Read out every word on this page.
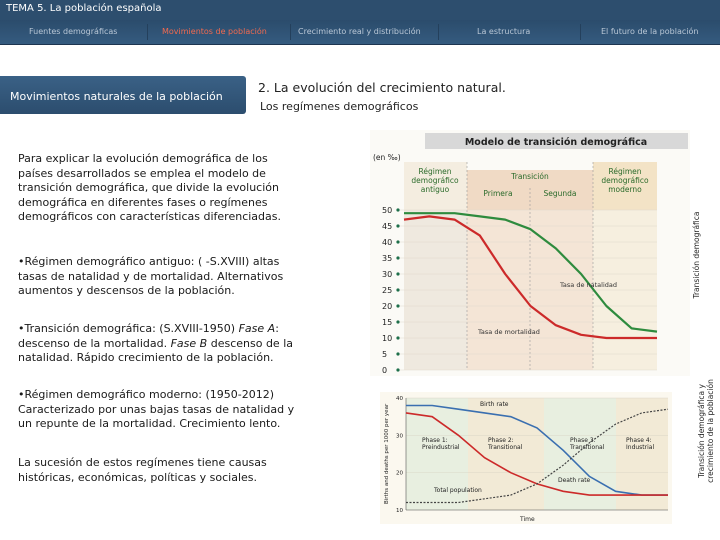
TEMA 5. La población española
Fuentes demográficas	Movimientos de población	Crecimiento real y distribución	La estructura	El futuro de la población
Movimientos naturales de la población
2. La evolución del crecimiento natural.
Los regímenes demográficos
Para explicar la evolución demográfica de los países desarrollados se emplea el modelo de transición demográfica, que divide la evolución demográfica en diferentes fases o regímenes demográficos con características diferenciadas.
•Régimen demográfico antiguo: ( -S.XVIII) altas tasas de natalidad y de mortalidad. Alternativos aumentos y descensos de la población.
•Transición demográfica: (S.XVIII-1950) Fase A: descenso de la mortalidad. Fase B descenso de la natalidad. Rápido crecimiento de la población.
•Régimen demográfico moderno: (1950-2012) Caracterizado por unas bajas tasas de natalidad y un repunte de la mortalidad. Crecimiento lento.
La sucesión de estos regímenes tiene causas históricas, económicas, políticas y sociales.
Modelo de transición demográfica
(en ‰)
Régimen
demográfico
antiguo
Transición
Primera	Segunda
Régimen
demográfico
moderno
0
5
10
15
20
25
30
35
40
45
50
Tasa de natalidad
Tasa de mortalidad
10
20
30
40
Phase 1:
Preindustrial
Phase 2:
Transitional
Phase 3:
Transitional
Phase 4:
Industrial
Birth rate
Death rate
Total population
Time
Births and deaths per 1000 per year
Transición demográfica
Transición demográfica y crecimiento de la población
